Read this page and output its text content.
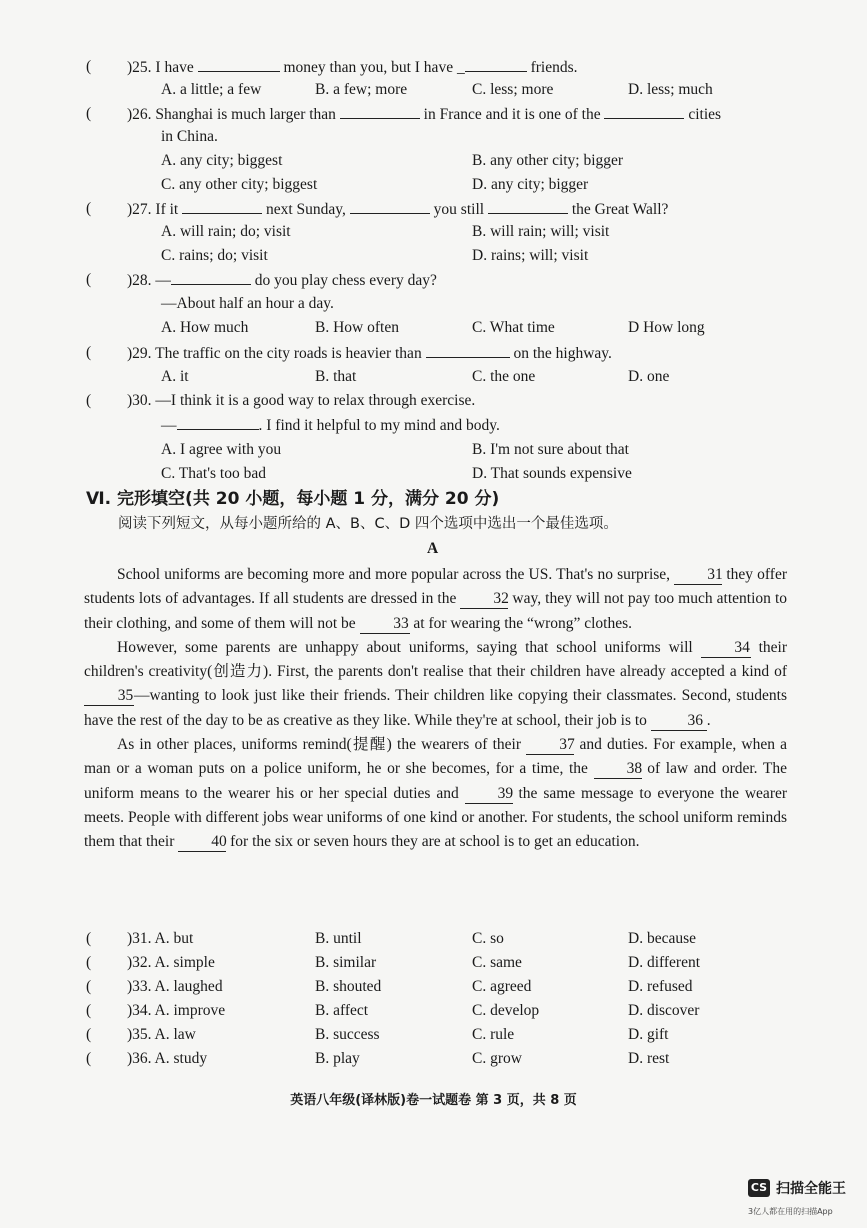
( )25. I have	money than you, but I have _	friends.
A. a little; a few	B. a few; more	C. less; more	D. less; much
( )26. Shanghai is much larger than	in France and it is one of the	cities
in China.
A. any city; biggest	B. any other city; bigger
C. any other city; biggest	D. any city; bigger
( )27. If it	next Sunday,	you still	the Great Wall?
A. will rain; do; visit	B. will rain; will; visit
C. rains; do; visit	D. rains; will; visit
( )28. —	do you play chess every day?
—About half an hour a day.
A. How much	B. How often	C. What time	D How long
( )29. The traffic on the city roads is heavier than	on the highway.
A. it	B. that	C. the one	D. one
( )30. —I think it is a good way to relax through exercise.
—	. I find it helpful to my mind and body.
A. I agree with you	B. I'm not sure about that
C. That's too bad	D. That sounds expensive
Ⅵ. 完形填空(共 20 小题，每小题 1 分，满分 20 分)
阅读下列短文，从每小题所给的 A、B、C、D 四个选项中选出一个最佳选项。
A

School uniforms are becoming more and more popular across the US. That's no surprise, 31 they offer students lots of advantages. If all students are dressed in the 32 way, they will not pay too much attention to their clothing, and some of them will not be 33 at for wearing the “wrong” clothes.

However, some parents are unhappy about uniforms, saying that school uniforms will	34 their children's creativity(创造力). First, the parents don't realise that their children have already accepted a kind of 35—wanting to look just like their friends. Their children like copying their classmates. Second, students have the rest of the day to be as creative as they like. While they're at school, their job is to	36 .

As in other places, uniforms remind(提醒) the wearers of their 37 and duties. For example, when a man or a woman puts on a police uniform, he or she becomes, for a time, the 38 of law and order. The uniform means to the wearer his or her special duties and	39 the same message to everyone the wearer meets. People with different jobs wear uniforms of one kind or another. For students, the school uniform reminds them that their 40 for the six or seven hours they are at school is to get an education.

( )31. A. but	B. until	C. so	D. because
( )32. A. simple	B. similar	C. same	D. different
( )33. A. laughed	B. shouted	C. agreed	D. refused
( )34. A. improve	B. affect	C. develop	D. discover
( )35. A. law	B. success	C. rule	D. gift
( )36. A. study	B. play	C. grow	D. rest
英语八年级(译林版)卷一试题卷 第 3 页，共 8 页
CS 扫描全能王
3亿人都在用的扫描App
